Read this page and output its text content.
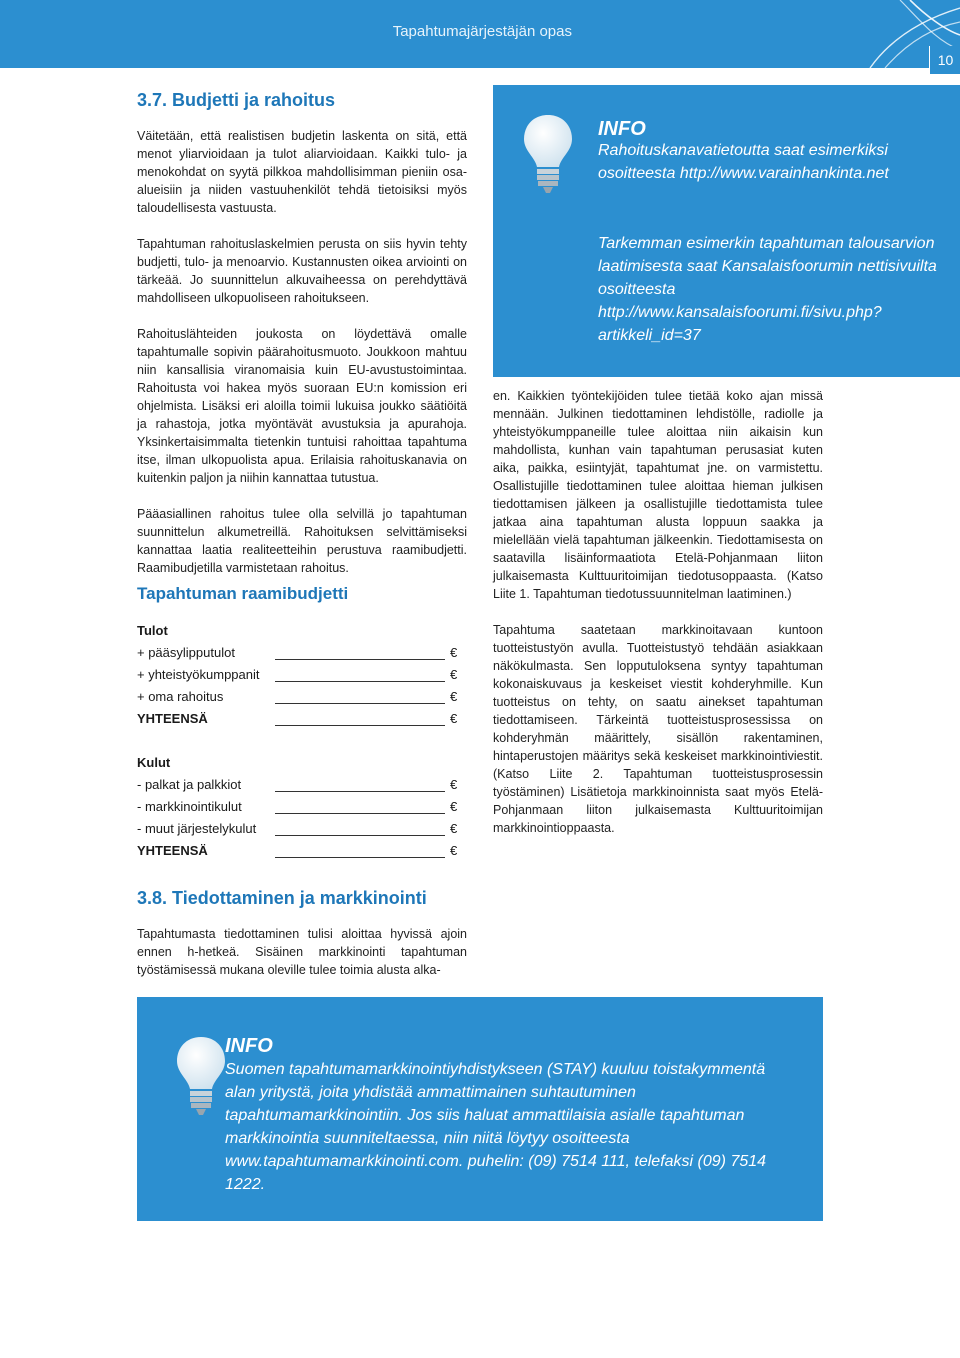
Tapahtumajärjestäjän opas
10
3.7. Budjetti ja rahoitus

Väitetään, että realistisen budjetin laskenta on sitä, että menot yliarvioidaan ja tulot aliarvioidaan. Kaikki tulo- ja menokohdat on syytä pilkkoa mahdollisimman pieniin osa-alueisiin ja niiden vastuuhenkilöt tehdä tietoisiksi myös taloudellisesta vastuusta.

Tapahtuman rahoituslaskelmien perusta on siis hyvin tehty budjetti, tulo- ja menoarvio. Kustannusten oikea arviointi on tärkeää. Jo suunnittelun alkuvaiheessa on perehdyttävä mahdolliseen ulkopuoliseen rahoitukseen.

Rahoituslähteiden joukosta on löydettävä omalle tapahtumalle sopivin päärahoitusmuoto. Joukkoon mahtuu niin kansallisia viranomaisia kuin EU-avustustoimintaa. Rahoitusta voi hakea myös suoraan EU:n komission eri ohjelmista. Lisäksi eri aloilla toimii lukuisa joukko säätiöitä ja rahastoja, jotka myöntävät avustuksia ja apurahoja. Yksinkertaisimmalta tietenkin tuntuisi rahoittaa tapahtuma itse, ilman ulkopuolista apua. Erilaisia rahoituskanavia on kuitenkin paljon ja niihin kannattaa tutustua.

Pääasiallinen rahoitus tulee olla selvillä jo tapahtuman suunnittelun alkumetreillä. Rahoituksen selvittämiseksi kannattaa laatia realiteetteihin perustuva raamibudjetti. Raamibudjetilla varmistetaan rahoitus.

Tapahtuman raamibudjetti
Tulot
+ pääsylipputulot	€
+ yhteistyökumppanit	€
+ oma rahoitus	€
YHTEENSÄ	€
Kulut
- palkat ja palkkiot	€
- markkinointikulut	€
- muut järjestelykulut	€
YHTEENSÄ	€
INFO
Rahoituskanavatietoutta saat esimerkiksi osoitteesta http://www.varainhankinta.net
Tarkemman esimerkin tapahtuman talousarvion laatimisesta saat Kansalaisfoorumin nettisivuilta osoitteesta http://www.kansalaisfoorumi.fi/sivu.php?artikkeli_id=37

en. Kaikkien työntekijöiden tulee tietää koko ajan missä mennään. Julkinen tiedottaminen lehdistölle, radiolle ja yhteistyökumppaneille tulee aloittaa niin aikaisin kun mahdollista, kunhan vain tapahtuman perusasiat kuten aika, paikka, esiintyjät, tapahtumat jne. on varmistettu. Osallistujille tiedottaminen tulee aloittaa hieman julkisen tiedottamisen jälkeen ja osallistujille tiedottamista tulee jatkaa aina tapahtuman alusta loppuun saakka ja mielellään vielä tapahtuman jälkeenkin. Tiedottamisesta on saatavilla lisäinformaatiota Etelä-Pohjanmaan liiton julkaisemasta Kulttuuritoimijan tiedotusoppaasta. (Katso Liite 1. Tapahtuman tiedotussuunnitelman laatiminen.)

Tapahtuma saatetaan markkinoitavaan kuntoon tuotteistustyön avulla. Tuotteistustyö tehdään asiakkaan näkökulmasta. Sen lopputuloksena syntyy tapahtuman kokonaiskuvaus ja keskeiset viestit kohderyhmille. Kun tuotteistus on tehty, on saatu ainekset tapahtuman tiedottamiseen. Tärkeintä tuotteistusprosessissa on kohderyhmän määrittely, sisällön rakentaminen, hintaperustojen määritys sekä keskeiset markkinointiviestit. (Katso Liite 2. Tapahtuman tuotteistusprosessin työstäminen) Lisätietoja markkinoinnista saat myös Etelä-Pohjanmaan liiton julkaisemasta Kulttuuritoimijan markkinointioppaasta.

3.8. Tiedottaminen ja markkinointi

Tapahtumasta tiedottaminen tulisi aloittaa hyvissä ajoin ennen h-hetkeä. Sisäinen markkinointi tapahtuman työstämisessä mukana oleville tulee toimia alusta alka-

INFO
Suomen tapahtumamarkkinointiyhdistykseen (STAY) kuuluu toistakymmentä alan yritystä, joita yhdistää ammattimainen suhtautuminen tapahtumamarkkinointiin. Jos siis haluat ammattilaisia asialle tapahtuman markkinointia suunniteltaessa, niin niitä löytyy osoitteesta www.tapahtumamarkkinointi.com. puhelin: (09) 7514 111, telefaksi (09) 7514 1222.
